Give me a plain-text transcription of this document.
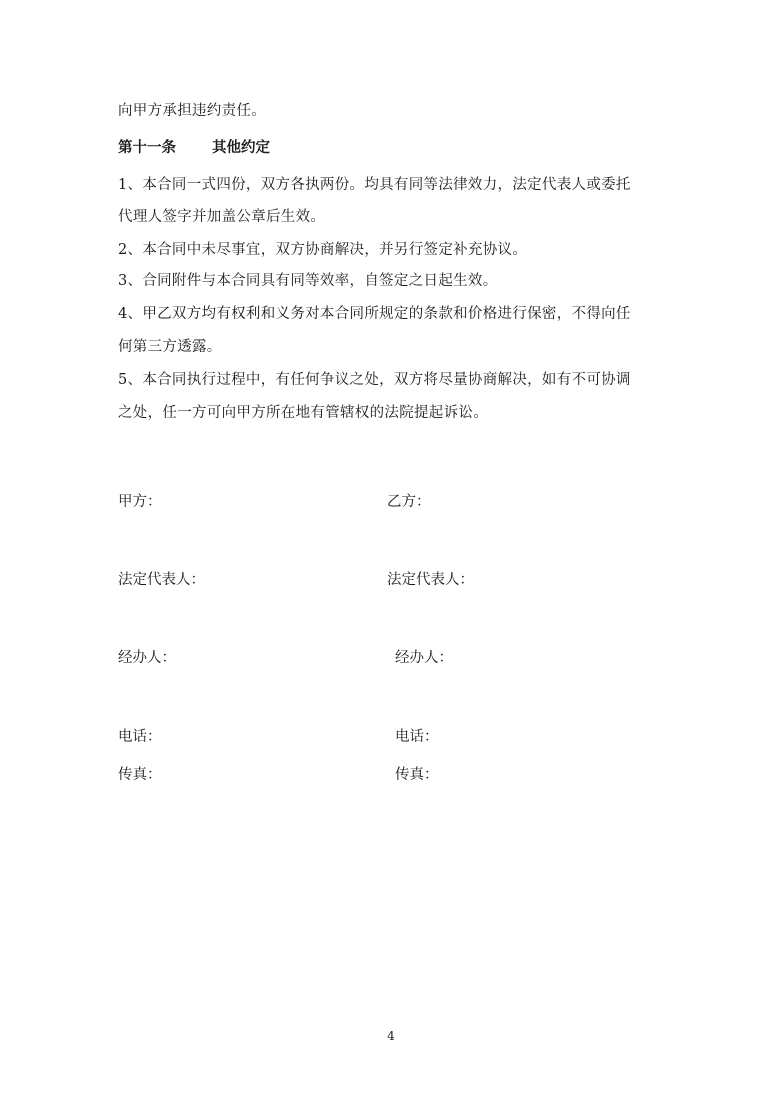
向甲方承担违约责任。
第十一条 其他约定
1、本合同一式四份，双方各执两份。均具有同等法律效力，法定代表人或委托
代理人签字并加盖公章后生效。
2、本合同中未尽事宜，双方协商解决，并另行签定补充协议。
3、合同附件与本合同具有同等效率，自签定之日起生效。
4、甲乙双方均有权利和义务对本合同所规定的条款和价格进行保密，不得向任
何第三方透露。
5、本合同执行过程中，有任何争议之处，双方将尽量协商解决，如有不可协调
之处，任一方可向甲方所在地有管辖权的法院提起诉讼。
甲方：
法定代表人：
经办人：
电话：
传真：
乙方：
法定代表人：
经办人：
电话：
传真：
4
